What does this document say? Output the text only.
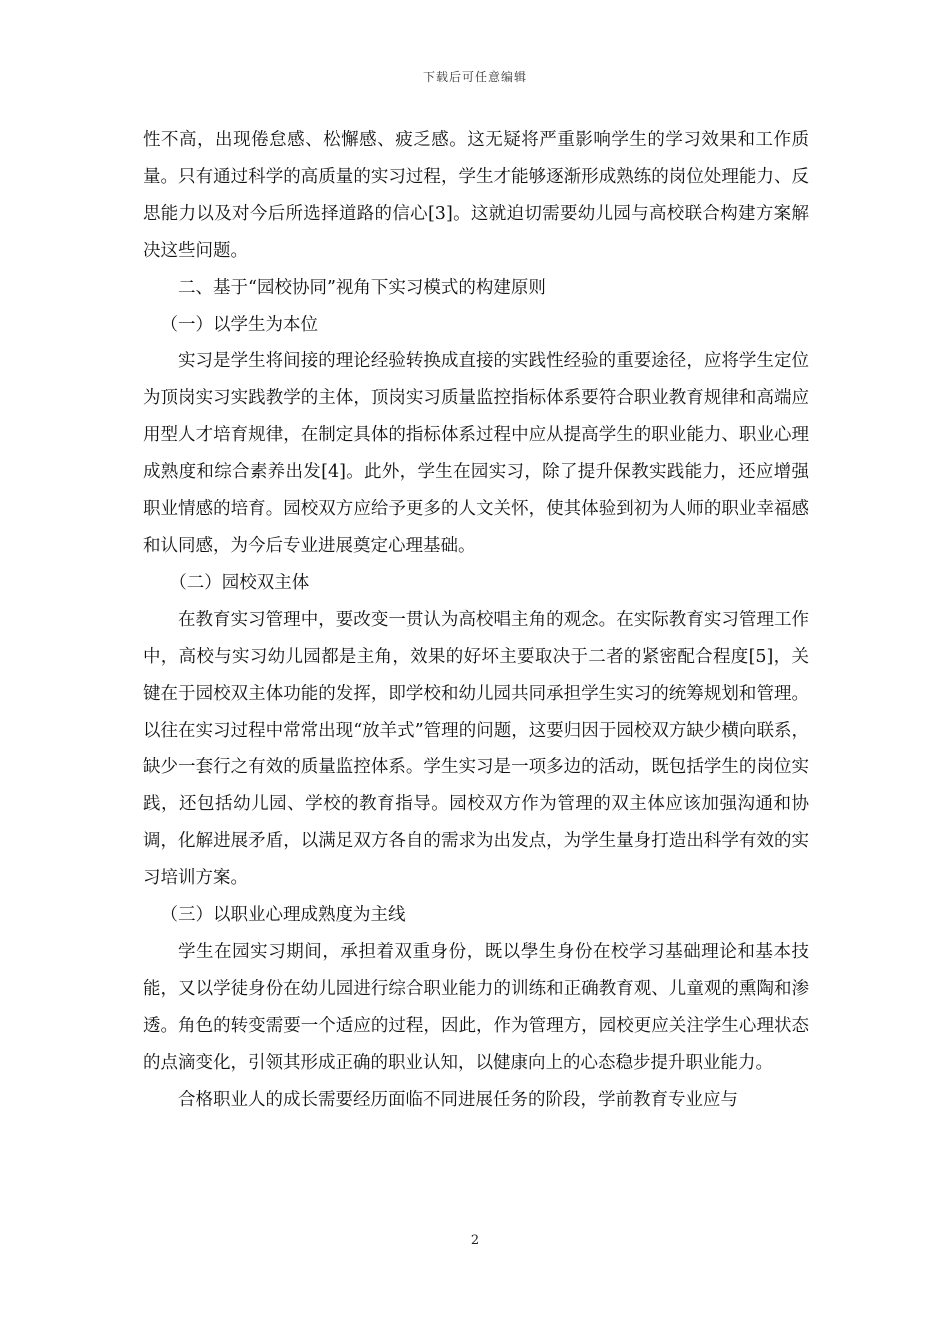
下载后可任意编辑

性不高，出现倦怠感、松懈感、疲乏感。这无疑将严重影响学生的学习效果和工作质量。只有通过科学的高质量的实习过程，学生才能够逐渐形成熟练的岗位处理能力、反思能力以及对今后所选择道路的信心[3]。这就迫切需要幼儿园与高校联合构建方案解决这些问题。

二、基于“园校协同”视角下实习模式的构建原则

（一）以学生为本位

实习是学生将间接的理论经验转换成直接的实践性经验的重要途径，应将学生定位为顶岗实习实践教学的主体，顶岗实习质量监控指标体系要符合职业教育规律和高端应用型人才培育规律，在制定具体的指标体系过程中应从提高学生的职业能力、职业心理成熟度和综合素养出发[4]。此外，学生在园实习，除了提升保教实践能力，还应增强职业情感的培育。园校双方应给予更多的人文关怀，使其体验到初为人师的职业幸福感和认同感，为今后专业进展奠定心理基础。

（二）园校双主体

在教育实习管理中，要改变一贯认为高校唱主角的观念。在实际教育实习管理工作中，高校与实习幼儿园都是主角，效果的好坏主要取决于二者的紧密配合程度[5]，关键在于园校双主体功能的发挥，即学校和幼儿园共同承担学生实习的统筹规划和管理。以往在实习过程中常常出现“放羊式”管理的问题，这要归因于园校双方缺少横向联系，缺少一套行之有效的质量监控体系。学生实习是一项多边的活动，既包括学生的岗位实践，还包括幼儿园、学校的教育指导。园校双方作为管理的双主体应该加强沟通和协调，化解进展矛盾，以满足双方各自的需求为出发点，为学生量身打造出科学有效的实习培训方案。

（三）以职业心理成熟度为主线

学生在园实习期间，承担着双重身份，既以學生身份在校学习基础理论和基本技能，又以学徒身份在幼儿园进行综合职业能力的训练和正确教育观、儿童观的熏陶和渗透。角色的转变需要一个适应的过程，因此，作为管理方，园校更应关注学生心理状态的点滴变化，引领其形成正确的职业认知，以健康向上的心态稳步提升职业能力。

合格职业人的成长需要经历面临不同进展任务的阶段，学前教育专业应与

2
